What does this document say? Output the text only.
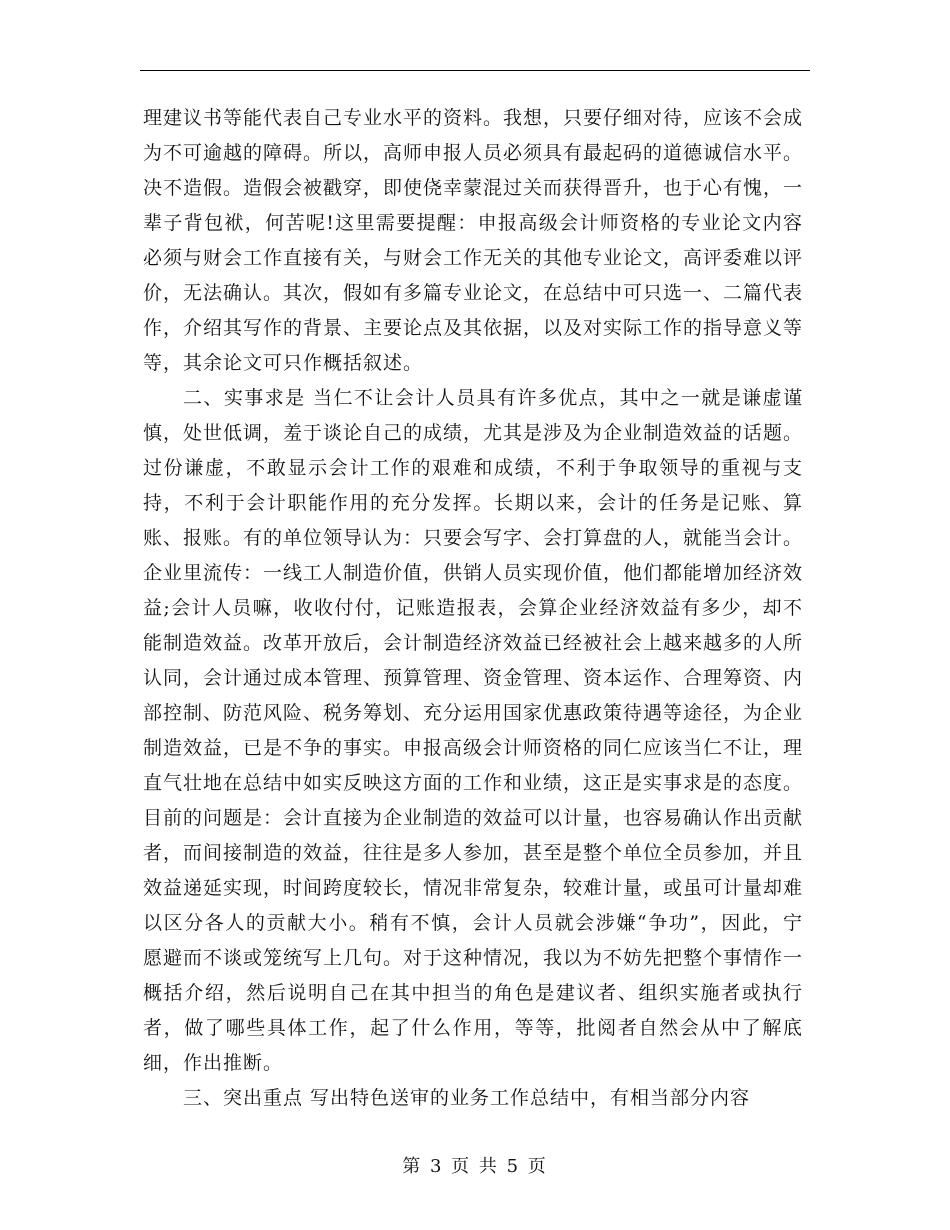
理建议书等能代表自己专业水平的资料。我想，只要仔细对待，应该不会成为不可逾越的障碍。所以，高师申报人员必须具有最起码的道德诚信水平。决不造假。造假会被戳穿，即使侥幸蒙混过关而获得晋升，也于心有愧，一辈子背包袱，何苦呢!这里需要提醒：申报高级会计师资格的专业论文内容必须与财会工作直接有关，与财会工作无关的其他专业论文，高评委难以评价，无法确认。其次，假如有多篇专业论文，在总结中可只选一、二篇代表作，介绍其写作的背景、主要论点及其依据，以及对实际工作的指导意义等等，其余论文可只作概括叙述。

二、实事求是 当仁不让会计人员具有许多优点，其中之一就是谦虚谨慎，处世低调，羞于谈论自己的成绩，尤其是涉及为企业制造效益的话题。过份谦虚，不敢显示会计工作的艰难和成绩，不利于争取领导的重视与支持，不利于会计职能作用的充分发挥。长期以来，会计的任务是记账、算账、报账。有的单位领导认为：只要会写字、会打算盘的人，就能当会计。企业里流传：一线工人制造价值，供销人员实现价值，他们都能增加经济效益;会计人员嘛，收收付付，记账造报表，会算企业经济效益有多少，却不能制造效益。改革开放后，会计制造经济效益已经被社会上越来越多的人所认同，会计通过成本管理、预算管理、资金管理、资本运作、合理筹资、内部控制、防范风险、税务筹划、充分运用国家优惠政策待遇等途径，为企业制造效益，已是不争的事实。申报高级会计师资格的同仁应该当仁不让，理直气壮地在总结中如实反映这方面的工作和业绩，这正是实事求是的态度。目前的问题是：会计直接为企业制造的效益可以计量，也容易确认作出贡献者，而间接制造的效益，往往是多人参加，甚至是整个单位全员参加，并且效益递延实现，时间跨度较长，情况非常复杂，较难计量，或虽可计量却难以区分各人的贡献大小。稍有不慎，会计人员就会涉嫌“争功”，因此，宁愿避而不谈或笼统写上几句。对于这种情况，我以为不妨先把整个事情作一概括介绍，然后说明自己在其中担当的角色是建议者、组织实施者或执行者，做了哪些具体工作，起了什么作用，等等，批阅者自然会从中了解底细，作出推断。

三、突出重点 写出特色送审的业务工作总结中，有相当部分内容

第 3 页 共 5 页
